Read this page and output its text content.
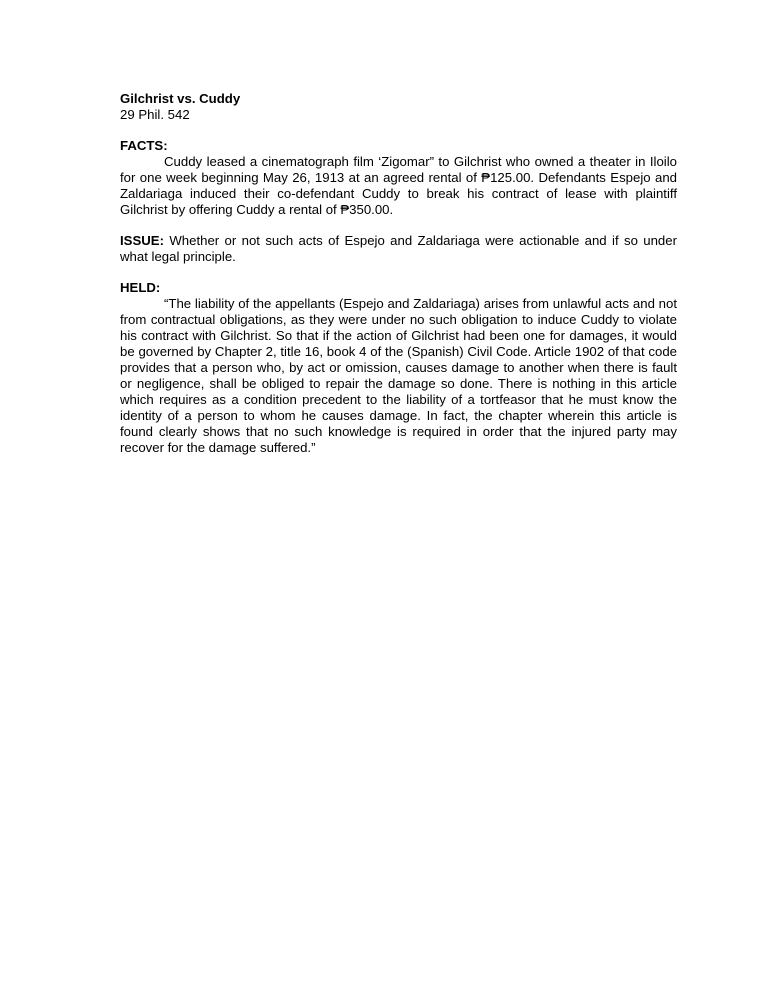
Gilchrist vs. Cuddy

29 Phil. 542

FACTS:

Cuddy leased a cinematograph film ‘Zigomar” to Gilchrist who owned a theater in Iloilo for one week beginning May 26, 1913 at an agreed rental of ₱125.00. Defendants Espejo and Zaldariaga induced their co-defendant Cuddy to break his contract of lease with plaintiff Gilchrist by offering Cuddy a rental of ₱350.00.

ISSUE: Whether or not such acts of Espejo and Zaldariaga were actionable and if so under what legal principle.

HELD:

“The liability of the appellants (Espejo and Zaldariaga) arises from unlawful acts and not from contractual obligations, as they were under no such obligation to induce Cuddy to violate his contract with Gilchrist. So that if the action of Gilchrist had been one for damages, it would be governed by Chapter 2, title 16, book 4 of the (Spanish) Civil Code. Article 1902 of that code provides that a person who, by act or omission, causes damage to another when there is fault or negligence, shall be obliged to repair the damage so done. There is nothing in this article which requires as a condition precedent to the liability of a tortfeasor that he must know the identity of a person to whom he causes damage. In fact, the chapter wherein this article is found clearly shows that no such knowledge is required in order that the injured party may recover for the damage suffered.”
